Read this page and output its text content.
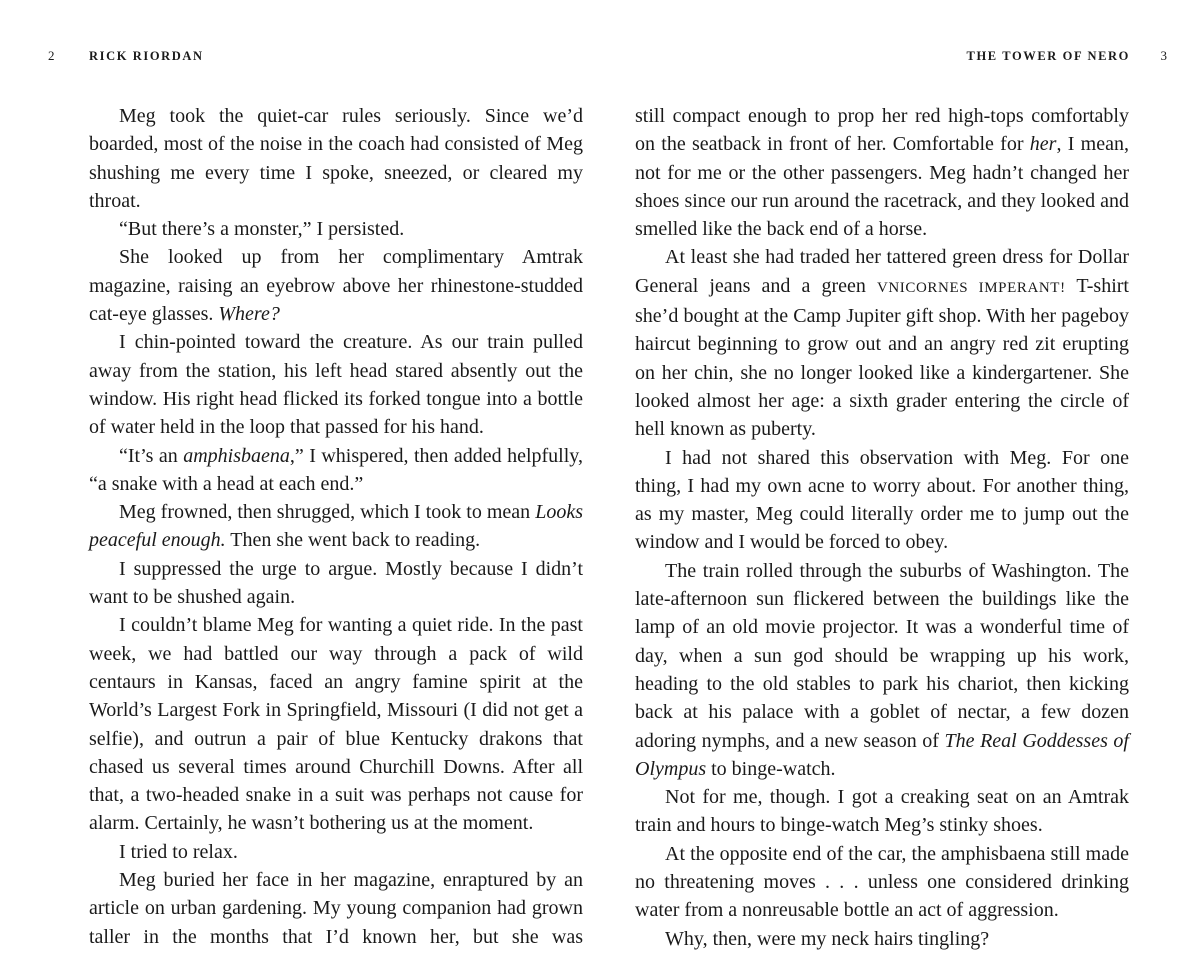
2	RICK RIORDAN

Meg took the quiet-car rules seriously. Since we’d boarded, most of the noise in the coach had consisted of Meg shushing me every time I spoke, sneezed, or cleared my throat.

“But there’s a monster,” I persisted.

She looked up from her complimentary Amtrak magazine, raising an eyebrow above her rhinestone-studded cat-eye glasses. Where?

I chin-pointed toward the creature. As our train pulled away from the station, his left head stared absently out the window. His right head flicked its forked tongue into a bottle of water held in the loop that passed for his hand.

“It’s an amphisbaena,” I whispered, then added helpfully, “a snake with a head at each end.”

Meg frowned, then shrugged, which I took to mean Looks peaceful enough. Then she went back to reading.

I suppressed the urge to argue. Mostly because I didn’t want to be shushed again.

I couldn’t blame Meg for wanting a quiet ride. In the past week, we had battled our way through a pack of wild centaurs in Kansas, faced an angry famine spirit at the World’s Largest Fork in Springfield, Missouri (I did not get a selfie), and outrun a pair of blue Kentucky drakons that chased us several times around Churchill Downs. After all that, a two-headed snake in a suit was perhaps not cause for alarm. Certainly, he wasn’t bothering us at the moment.

I tried to relax.

Meg buried her face in her magazine, enraptured by an article on urban gardening. My young companion had grown taller in the months that I’d known her, but she was

THE TOWER OF NERO 3

still compact enough to prop her red high-tops comfortably on the seatback in front of her. Comfortable for her, I mean, not for me or the other passengers. Meg hadn’t changed her shoes since our run around the racetrack, and they looked and smelled like the back end of a horse.

At least she had traded her tattered green dress for Dollar General jeans and a green VNICORNES IMPERANT! T-shirt she’d bought at the Camp Jupiter gift shop. With her pageboy haircut beginning to grow out and an angry red zit erupting on her chin, she no longer looked like a kindergartener. She looked almost her age: a sixth grader entering the circle of hell known as puberty.

I had not shared this observation with Meg. For one thing, I had my own acne to worry about. For another thing, as my master, Meg could literally order me to jump out the window and I would be forced to obey.

The train rolled through the suburbs of Washington. The late-afternoon sun flickered between the buildings like the lamp of an old movie projector. It was a wonderful time of day, when a sun god should be wrapping up his work, heading to the old stables to park his chariot, then kicking back at his palace with a goblet of nectar, a few dozen adoring nymphs, and a new season of The Real Goddesses of Olympus to binge-watch.

Not for me, though. I got a creaking seat on an Amtrak train and hours to binge-watch Meg’s stinky shoes.

At the opposite end of the car, the amphisbaena still made no threatening moves . . . unless one considered drinking water from a nonreusable bottle an act of aggression.

Why, then, were my neck hairs tingling?
